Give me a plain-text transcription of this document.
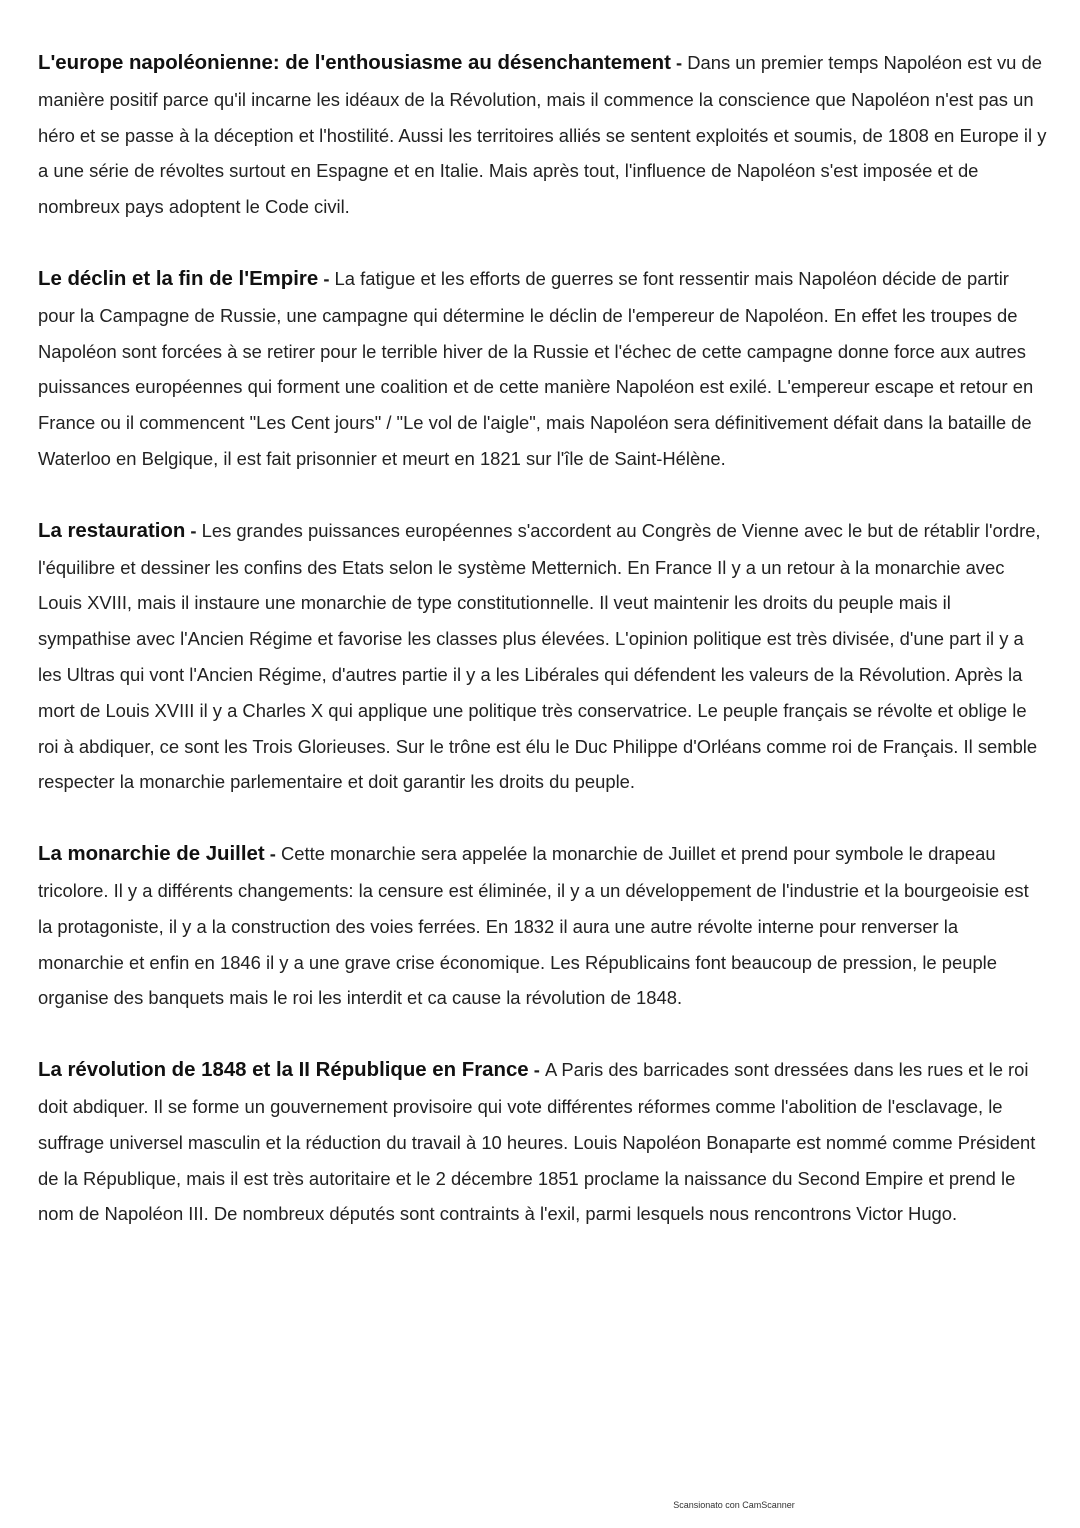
L'europe napoléonienne: de l'enthousiasme au désenchantement - Dans un premier temps Napoléon est vu de manière positif parce qu'il incarne les idéaux de la Révolution, mais il commence la conscience que Napoléon n'est pas un héro et se passe à la déception et l'hostilité. Aussi les territoires alliés se sentent exploités et soumis, de 1808 en Europe il y a une série de révoltes surtout en Espagne et en Italie. Mais après tout, l'influence de Napoléon s'est imposée et de nombreux pays adoptent le Code civil.

Le déclin et la fin de l'Empire - La fatigue et les efforts de guerres se font ressentir mais Napoléon décide de partir pour la Campagne de Russie, une campagne qui détermine le déclin de l'empereur de Napoléon. En effet les troupes de Napoléon sont forcées à se retirer pour le terrible hiver de la Russie et l'échec de cette campagne donne force aux autres puissances européennes qui forment une coalition et de cette manière Napoléon est exilé. L'empereur escape et retour en France ou il commencent "Les Cent jours" / "Le vol de l'aigle", mais Napoléon sera définitivement défait dans la bataille de Waterloo en Belgique, il est fait prisonnier et meurt en 1821 sur l'île de Saint-Hélène.

La restauration - Les grandes puissances européennes s'accordent au Congrès de Vienne avec le but de rétablir l'ordre, l'équilibre et dessiner les confins des Etats selon le système Metternich. En France Il y a un retour à la monarchie avec Louis XVIII, mais il instaure une monarchie de type constitutionnelle. Il veut maintenir les droits du peuple mais il sympathise avec l'Ancien Régime et favorise les classes plus élevées. L'opinion politique est très divisée, d'une part il y a les Ultras qui vont l'Ancien Régime, d'autres partie il y a les Libérales qui défendent les valeurs de la Révolution. Après la mort de Louis XVIII il y a Charles X qui applique une politique très conservatrice. Le peuple français se révolte et oblige le roi à abdiquer, ce sont les Trois Glorieuses. Sur le trône est élu le Duc Philippe d'Orléans comme roi de Français. Il semble respecter la monarchie parlementaire et doit garantir les droits du peuple.

La monarchie de Juillet - Cette monarchie sera appelée la monarchie de Juillet et prend pour symbole le drapeau tricolore. Il y a différents changements: la censure est éliminée, il y a un développement de l'industrie et la bourgeoisie est la protagoniste, il y a la construction des voies ferrées. En 1832 il aura une autre révolte interne pour renverser la monarchie et enfin en 1846 il y a une grave crise économique. Les Républicains font beaucoup de pression, le peuple organise des banquets mais le roi les interdit et ca cause la révolution de 1848.

La révolution de 1848 et la II République en France - A Paris des barricades sont dressées dans les rues et le roi doit abdiquer. Il se forme un gouvernement provisoire qui vote différentes réformes comme l'abolition de l'esclavage, le suffrage universel masculin et la réduction du travail à 10 heures. Louis Napoléon Bonaparte est nommé comme Président de la République, mais il est très autoritaire et le 2 décembre 1851 proclame la naissance du Second Empire et prend le nom de Napoléon III. De nombreux députés sont contraints à l'exil, parmi lesquels nous rencontrons Victor Hugo.

Scansionato con CamScanner
